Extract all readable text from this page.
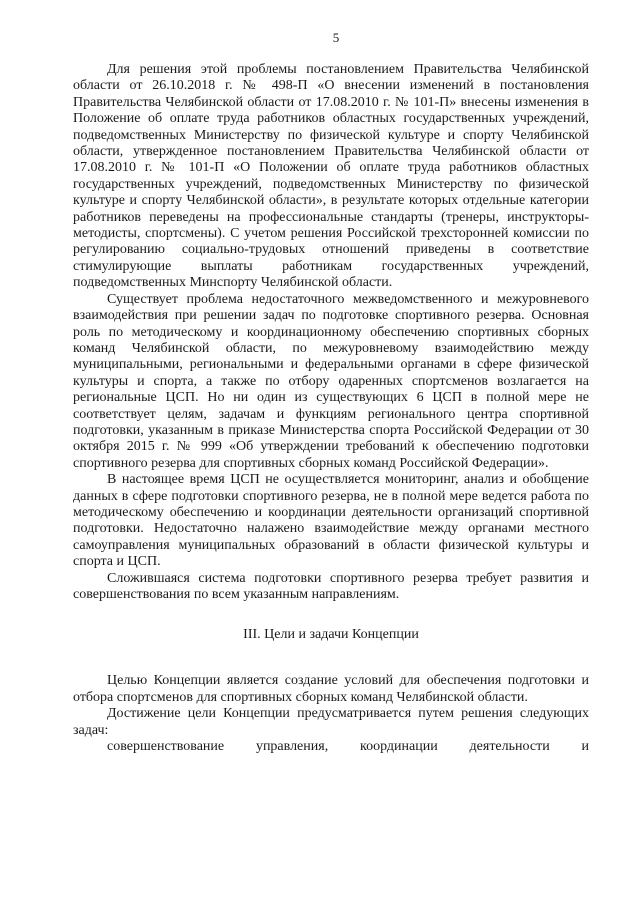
5

Для решения этой проблемы постановлением Правительства Челябинской области от 26.10.2018 г. № 498-П «О внесении изменений в постановления Правительства Челябинской области от 17.08.2010 г. № 101-П» внесены изменения в Положение об оплате труда работников областных государственных учреждений, подведомственных Министерству по физической культуре и спорту Челябинской области, утвержденное постановлением Правительства Челябинской области от 17.08.2010 г. № 101-П «О Положении об оплате труда работников областных государственных учреждений, подведомственных Министерству по физической культуре и спорту Челябинской области», в результате которых отдельные категории работников переведены на профессиональные стандарты (тренеры, инструкторы-методисты, спортсмены). С учетом решения Российской трехсторонней комиссии по регулированию социально-трудовых отношений приведены в соответствие стимулирующие выплаты работникам государственных учреждений, подведомственных Минспорту Челябинской области.

Существует проблема недостаточного межведомственного и межуровневого взаимодействия при решении задач по подготовке спортивного резерва. Основная роль по методическому и координационному обеспечению спортивных сборных команд Челябинской области, по межуровневому взаимодействию между муниципальными, региональными и федеральными органами в сфере физической культуры и спорта, а также по отбору одаренных спортсменов возлагается на региональные ЦСП. Но ни один из существующих 6 ЦСП в полной мере не соответствует целям, задачам и функциям регионального центра спортивной подготовки, указанным в приказе Министерства спорта Российской Федерации от 30 октября 2015 г. № 999 «Об утверждении требований к обеспечению подготовки спортивного резерва для спортивных сборных команд Российской Федерации».

В настоящее время ЦСП не осуществляется мониторинг, анализ и обобщение данных в сфере подготовки спортивного резерва, не в полной мере ведется работа по методическому обеспечению и координации деятельности организаций спортивной подготовки. Недостаточно налажено взаимодействие между органами местного самоуправления муниципальных образований в области физической культуры и спорта и ЦСП.

Сложившаяся система подготовки спортивного резерва требует развития и совершенствования по всем указанным направлениям.

III. Цели и задачи Концепции

Целью Концепции является создание условий для обеспечения подготовки и отбора спортсменов для спортивных сборных команд Челябинской области.

Достижение цели Концепции предусматривается путем решения следующих задач:

совершенствование управления, координации деятельности и
